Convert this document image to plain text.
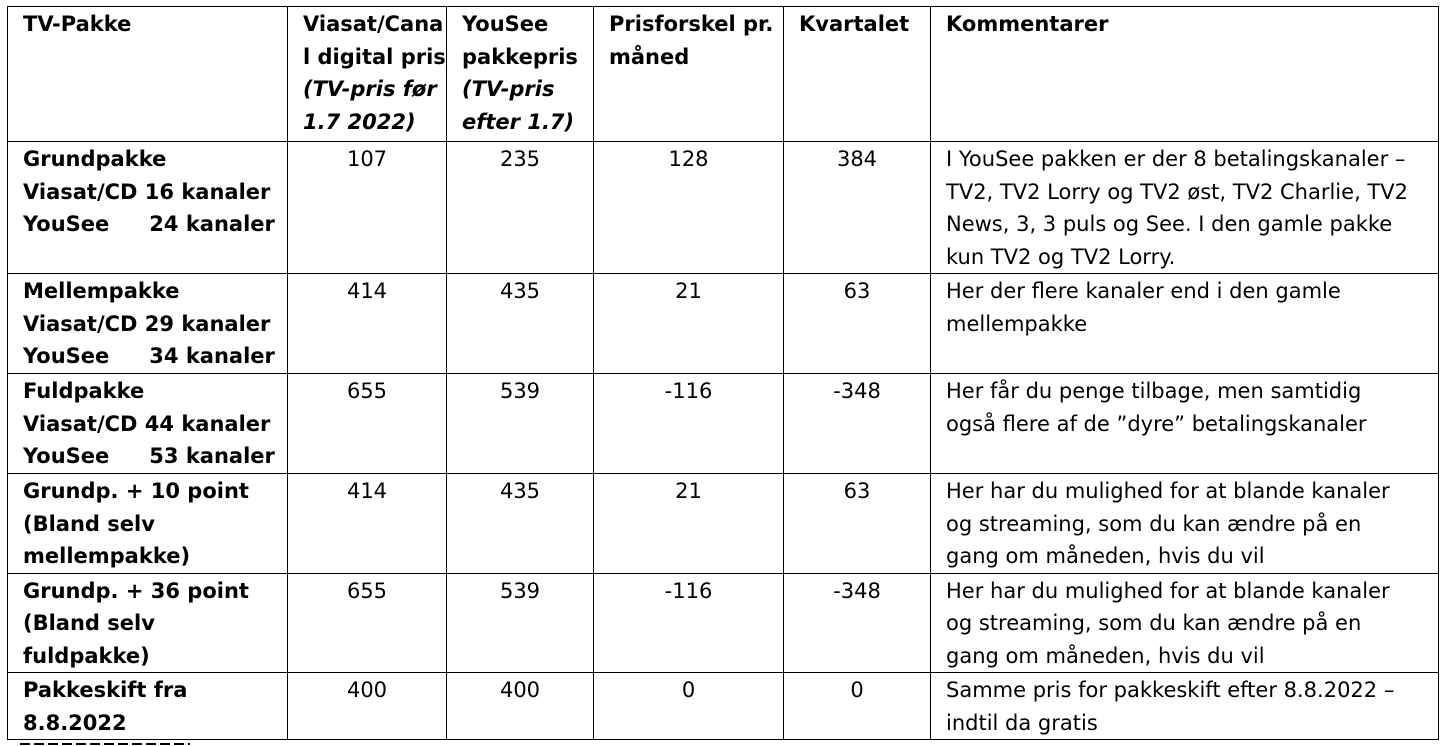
TV-Pakke	Viasat/Cana
l digital pris
(TV-pris før
1.7 2022)	YouSee
pakkepris
(TV-pris
efter 1.7)	Prisforskel pr.
måned	Kvartalet	Kommentarer

Grundpakke
Viasat/CD 16 kanaler
YouSee 24 kanaler	107	235	128	384	I YouSee pakken er der 8 betalingskanaler –
TV2, TV2 Lorry og TV2 øst, TV2 Charlie, TV2
News, 3, 3 puls og See. I den gamle pakke
kun TV2 og TV2 Lorry.

Mellempakke
Viasat/CD 29 kanaler
YouSee 34 kanaler	414	435	21	63	Her der flere kanaler end i den gamle
mellempakke

Fuldpakke
Viasat/CD 44 kanaler
YouSee 53 kanaler	655	539	-116	-348	Her får du penge tilbage, men samtidig
også flere af de ”dyre” betalingskanaler

Grundp. + 10 point
(Bland selv
mellempakke)	414	435	21	63	Her har du mulighed for at blande kanaler
og streaming, som du kan ændre på en
gang om måneden, hvis du vil

Grundp. + 36 point
(Bland selv
fuldpakke)	655	539	-116	-348	Her har du mulighed for at blande kanaler
og streaming, som du kan ændre på en
gang om måneden, hvis du vil

Pakkeskift fra
8.8.2022	400	400	0	0	Samme pris for pakkeskift efter 8.8.2022 –
indtil da gratis
